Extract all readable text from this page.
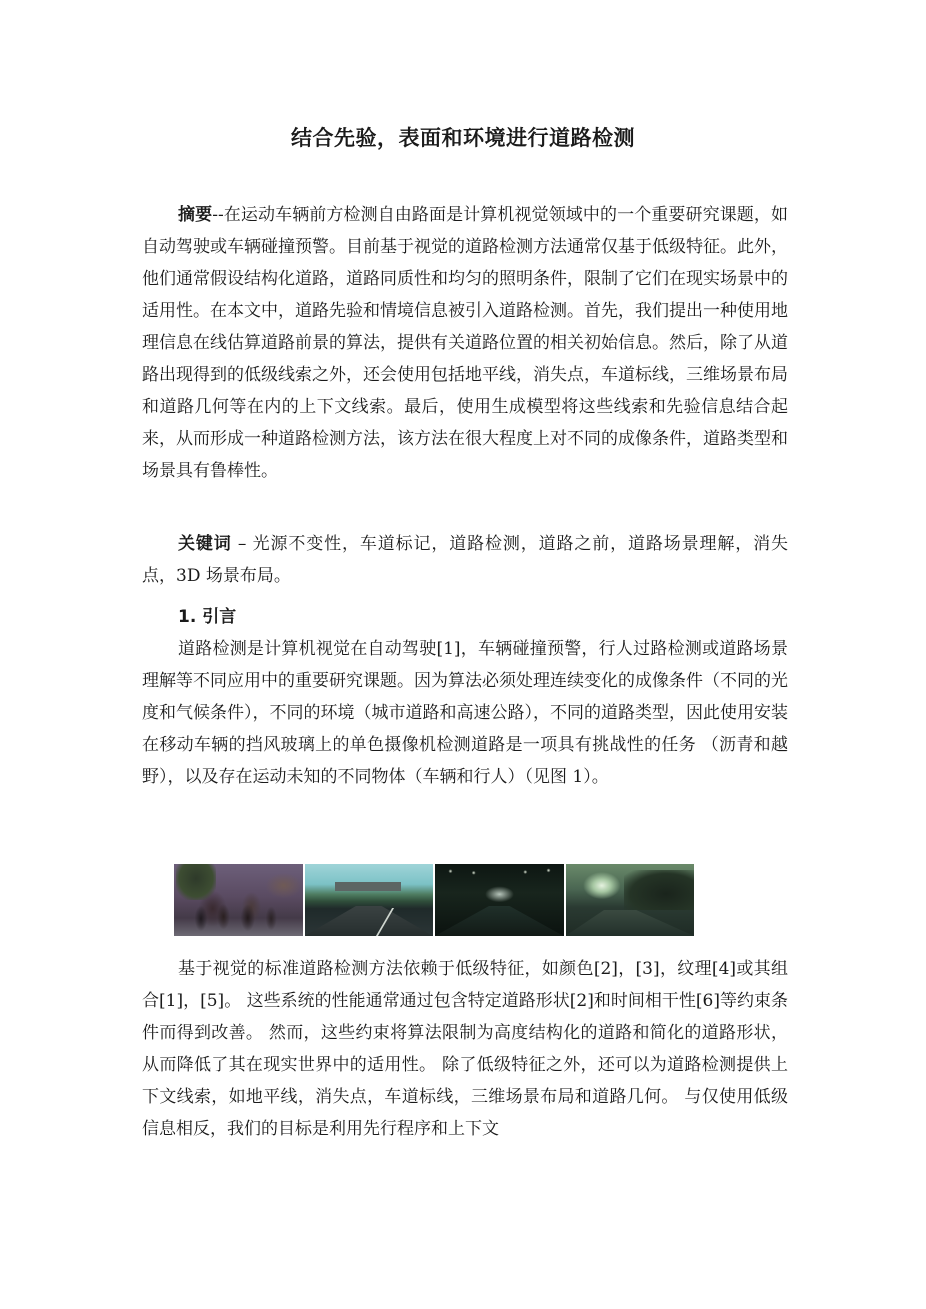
结合先验，表面和环境进行道路检测

摘要--在运动车辆前方检测自由路面是计算机视觉领域中的一个重要研究课题，如自动驾驶或车辆碰撞预警。目前基于视觉的道路检测方法通常仅基于低级特征。此外，他们通常假设结构化道路，道路同质性和均匀的照明条件，限制了它们在现实场景中的适用性。在本文中，道路先验和情境信息被引入道路检测。首先，我们提出一种使用地理信息在线估算道路前景的算法，提供有关道路位置的相关初始信息。然后，除了从道路出现得到的低级线索之外，还会使用包括地平线，消失点，车道标线，三维场景布局和道路几何等在内的上下文线索。最后，使用生成模型将这些线索和先验信息结合起来，从而形成一种道路检测方法，该方法在很大程度上对不同的成像条件，道路类型和场景具有鲁棒性。

关键词 – 光源不变性，车道标记，道路检测，道路之前，道路场景理解，消失点，3D 场景布局。

1. 引言

道路检测是计算机视觉在自动驾驶[1]，车辆碰撞预警，行人过路检测或道路场景理解等不同应用中的重要研究课题。因为算法必须处理连续变化的成像条件（不同的光度和气候条件），不同的环境（城市道路和高速公路），不同的道路类型，因此使用安装在移动车辆的挡风玻璃上的单色摄像机检测道路是一项具有挑战性的任务 （沥青和越野），以及存在运动未知的不同物体（车辆和行人）（见图 1）。

基于视觉的标准道路检测方法依赖于低级特征，如颜色[2]，[3]，纹理[4]或其组合[1]，[5]。 这些系统的性能通常通过包含特定道路形状[2]和时间相干性[6]等约束条件而得到改善。 然而，这些约束将算法限制为高度结构化的道路和简化的道路形状，从而降低了其在现实世界中的适用性。 除了低级特征之外，还可以为道路检测提供上下文线索，如地平线，消失点，车道标线，三维场景布局和道路几何。 与仅使用低级信息相反，我们的目标是利用先行程序和上下文
